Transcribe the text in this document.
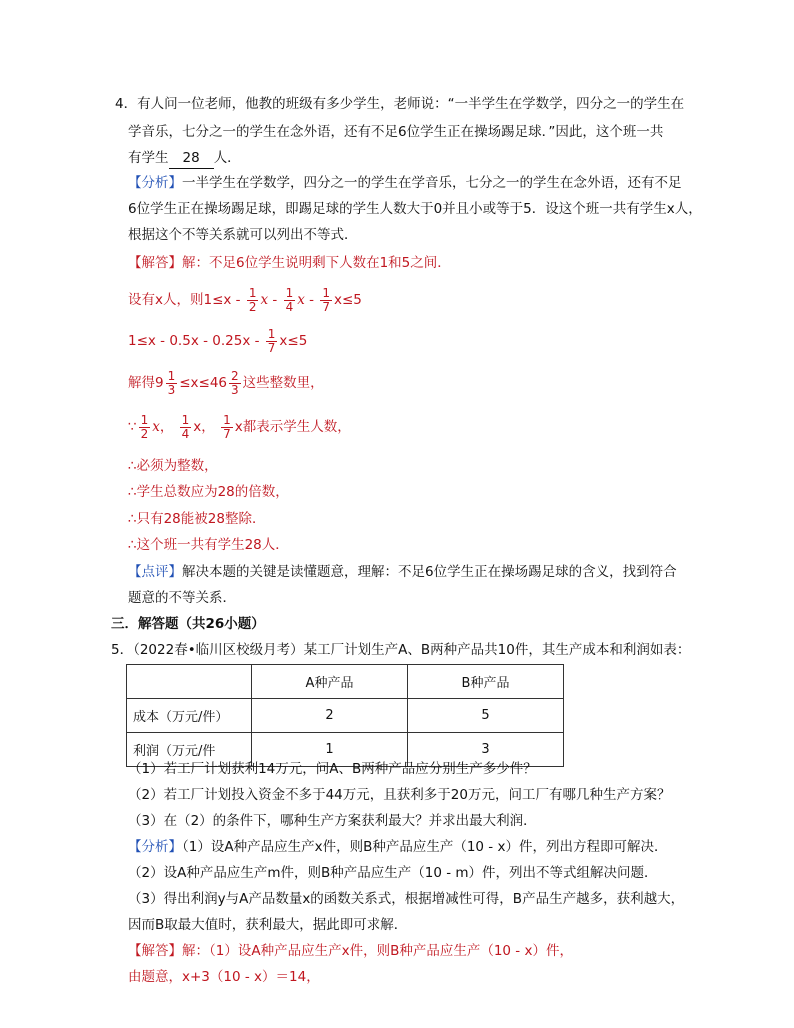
4．有人问一位老师，他教的班级有多少学生，老师说：“一半学生在学数学，四分之一的学生在
学音乐，七分之一的学生在念外语，还有不足6位学生正在操场踢足球．”因此，这个班一共
有学生 28 人．
【分析】一半学生在学数学，四分之一的学生在学音乐，七分之一的学生在念外语，还有不足
6位学生正在操场踢足球，即踢足球的学生人数大于0并且小或等于5．设这个班一共有学生x人，
根据这个不等关系就可以列出不等式．
【解答】解：不足6位学生说明剩下人数在1和5之间．
设有x人，则$1\le x - \frac{1}{2}$ x - $\frac{1}{4}$ $x - \frac{1}{7} x\le 5$
$1\le x - 0.5x - 0.25x - \frac{1}{7} x\le 5$
解得$9 \frac{1}{3} \le x\le 46 \frac{2}{3}$ 这些整数里，
∵ $\frac{1}{2}$ x， $\frac{1}{4}$ x， $\frac{1}{7}$ x都表示学生人数，
∴必须为整数，
∴学生总数应为28的倍数，
∴只有28能被28整除．
∴这个班一共有学生28人．
【点评】解决本题的关键是读懂题意，理解：不足6位学生正在操场踢足球的含义，找到符合
题意的不等关系．
三．解答题（共26小题）
5．（2022春•临川区校级月考）某工厂计划生产A、B两种产品共10件，其生产成本和利润如表：
	A种产品	B种产品
成本（万元/件）	2	5
利润（万元/件	1	3
（1）若工厂计划获利14万元，问A、B两种产品应分别生产多少件？
（2）若工厂计划投入资金不多于44万元，且获利多于20万元，问工厂有哪几种生产方案？
（3）在（2）的条件下，哪种生产方案获利最大？并求出最大利润．
【分析】（1）设A种产品应生产x件，则B种产品应生产（10 - x）件，列出方程即可解决．
（2）设A种产品应生产m件，则B种产品应生产（10 - m）件，列出不等式组解决问题．
（3）得出利润y与A产品数量x的函数关系式，根据增减性可得，B产品生产越多，获利越大，
因而B取最大值时，获利最大，据此即可求解．
【解答】解：（1）设A种产品应生产x件，则B种产品应生产（10 - x）件，
由题意，x+3（10 - x）＝14，
